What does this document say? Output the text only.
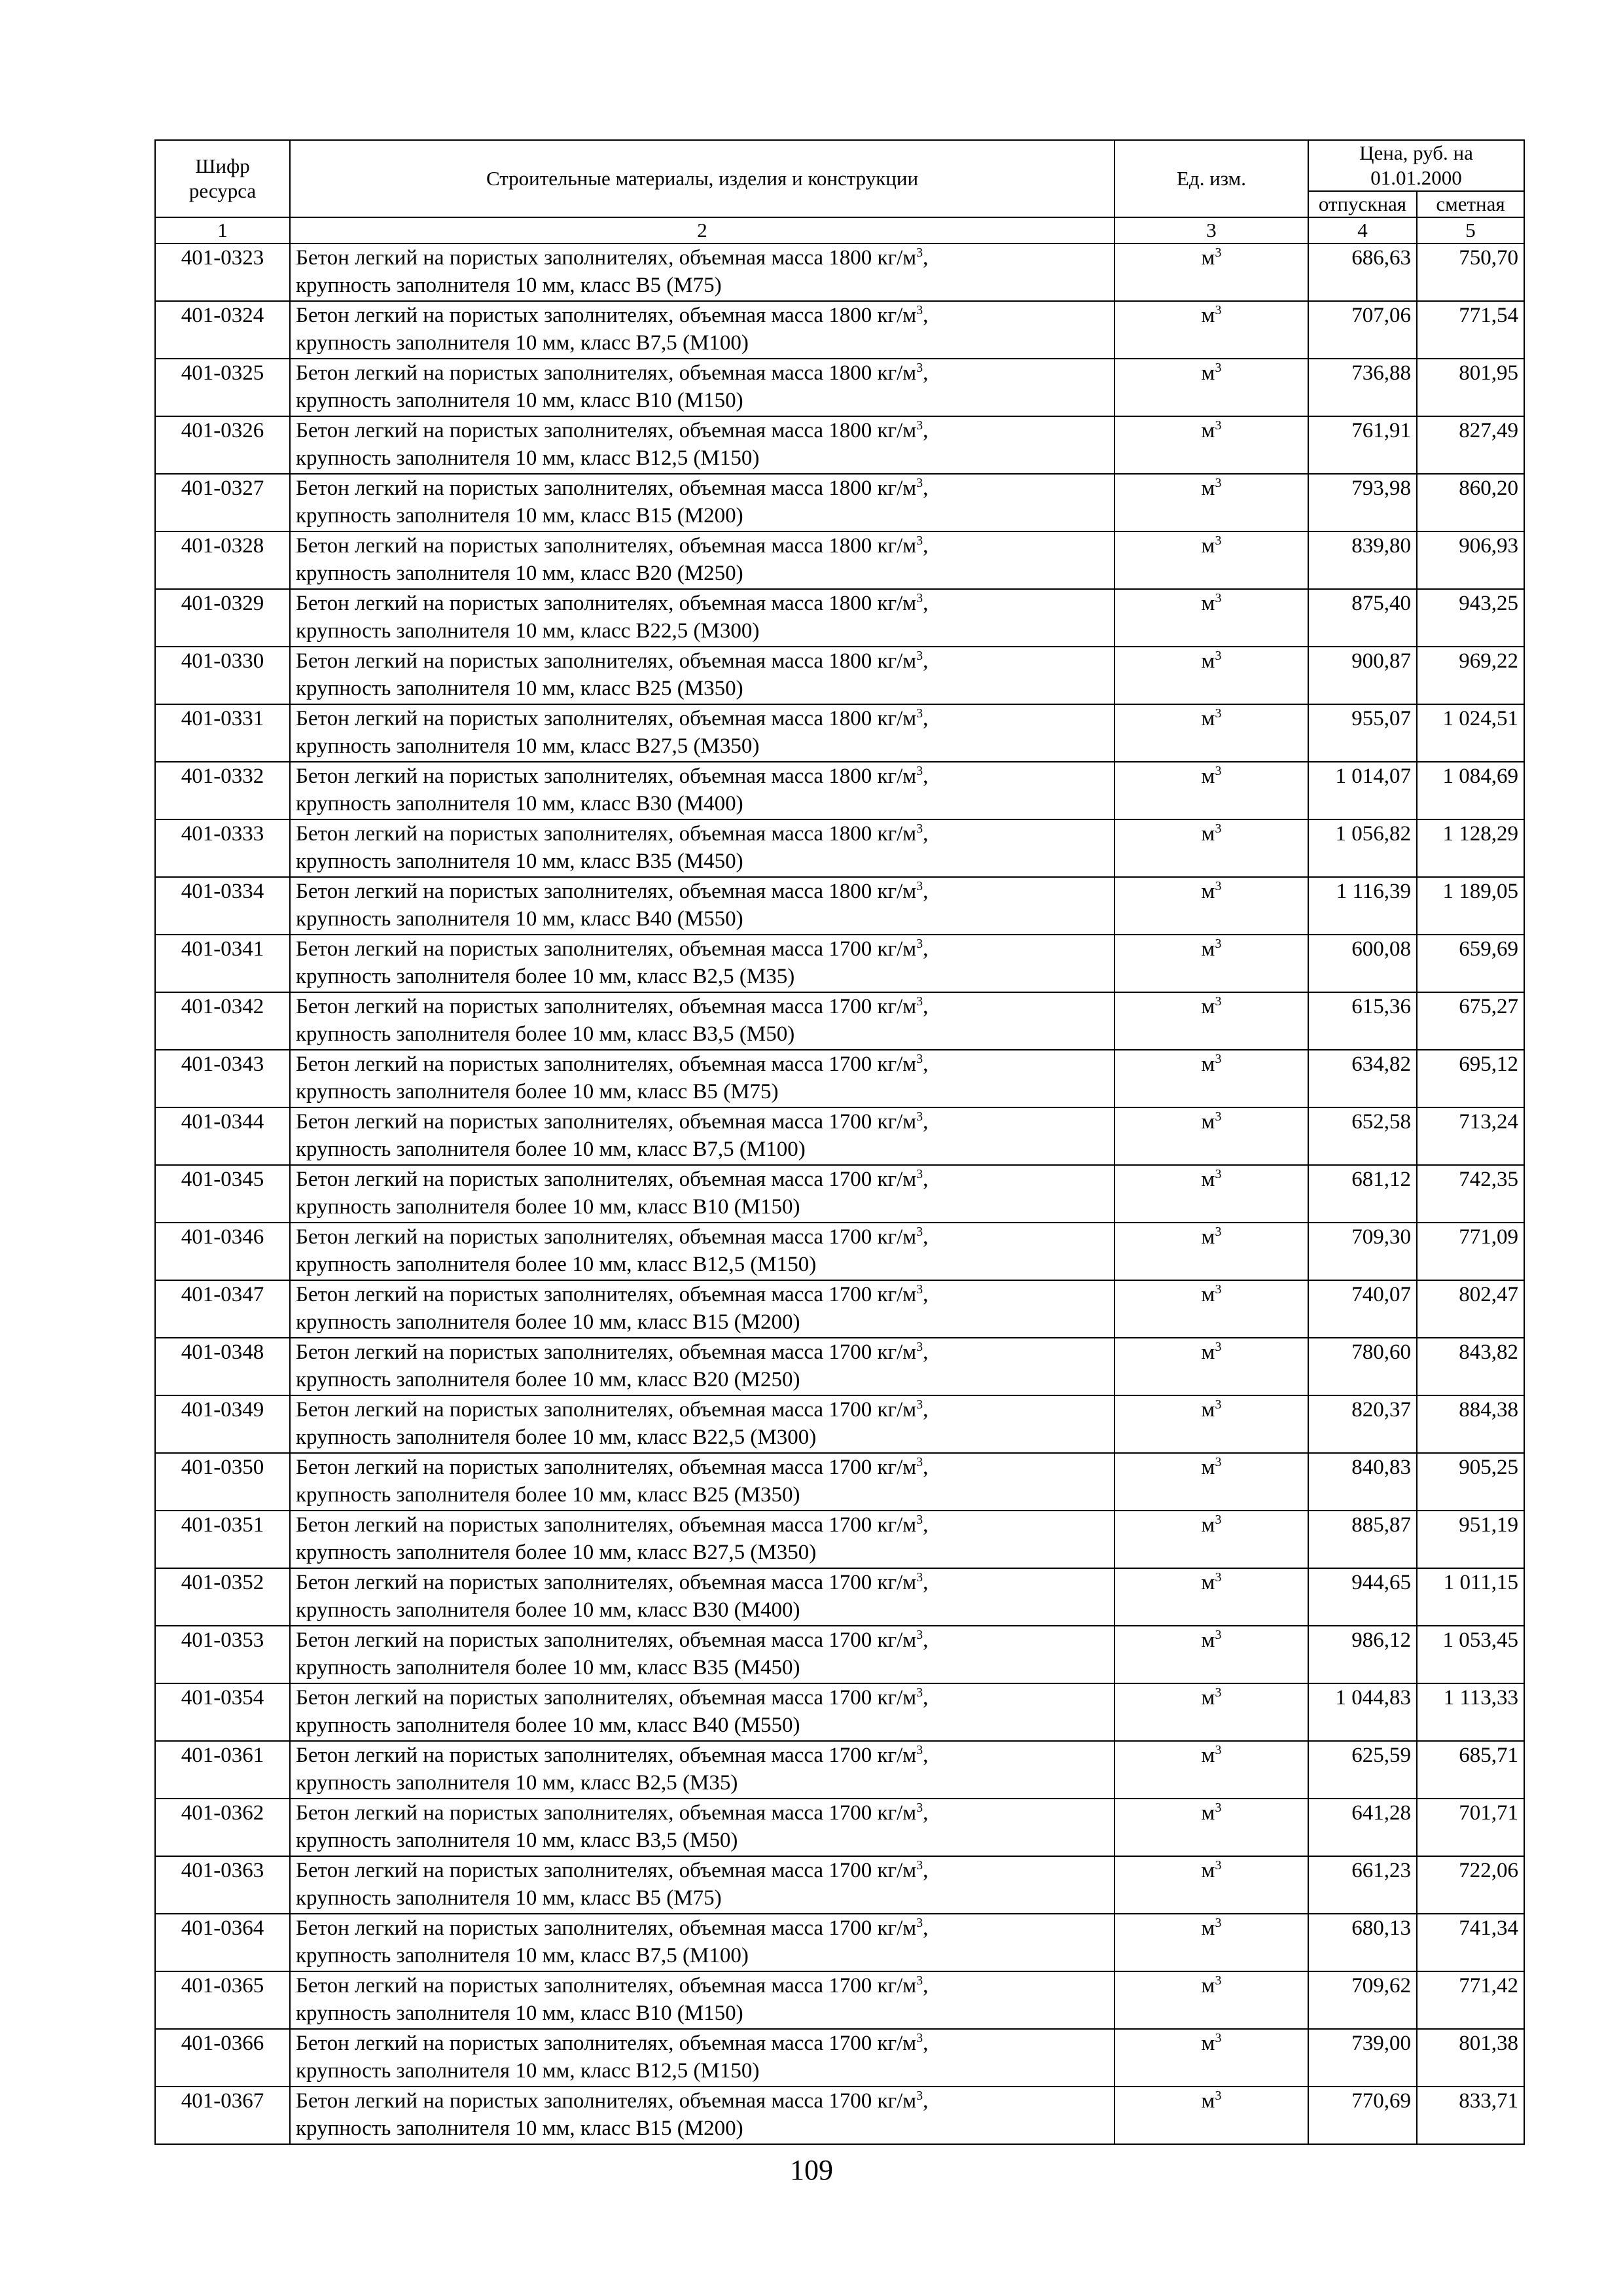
Шифр ресурса	Строительные материалы, изделия и конструкции	Ед. изм.	Цена, руб. на 01.01.2000	
			отпускная	сметная
1	2	3	4	5
401-0323	Бетон легкий на пористых заполнителях, объемная масса 1800 $кг/м^3$,
крупность заполнителя 10 мм, класс В5 (М75)	$м^3$	686,63	750,70
401-0324	Бетон легкий на пористых заполнителях, объемная масса 1800 $кг/м^3$,
крупность заполнителя 10 мм, класс В7,5 (М100)	$м^3$	707,06	771,54
401-0325	Бетон легкий на пористых заполнителях, объемная масса 1800 $кг/м^3$,
крупность заполнителя 10 мм, класс В10 (М150)	$м^3$	736,88	801,95
401-0326	Бетон легкий на пористых заполнителях, объемная масса 1800 $кг/м^3$,
крупность заполнителя 10 мм, класс В12,5 (М150)	$м^3$	761,91	827,49
401-0327	Бетон легкий на пористых заполнителях, объемная масса 1800 $кг/м^3$,
крупность заполнителя 10 мм, класс В15 (М200)	$м^3$	793,98	860,20
401-0328	Бетон легкий на пористых заполнителях, объемная масса 1800 $кг/м^3$,
крупность заполнителя 10 мм, класс В20 (М250)	$м^3$	839,80	906,93
401-0329	Бетон легкий на пористых заполнителях, объемная масса 1800 $кг/м^3$,
крупность заполнителя 10 мм, класс В22,5 (М300)	$м^3$	875,40	943,25
401-0330	Бетон легкий на пористых заполнителях, объемная масса 1800 $кг/м^3$,
крупность заполнителя 10 мм, класс В25 (М350)	$м^3$	900,87	969,22
401-0331	Бетон легкий на пористых заполнителях, объемная масса 1800 $кг/м^3$,
крупность заполнителя 10 мм, класс В27,5 (М350)	$м^3$	955,07	1 024,51
401-0332	Бетон легкий на пористых заполнителях, объемная масса 1800 $кг/м^3$,
крупность заполнителя 10 мм, класс В30 (М400)	$м^3$	1 014,07	1 084,69
401-0333	Бетон легкий на пористых заполнителях, объемная масса 1800 $кг/м^3$,
крупность заполнителя 10 мм, класс В35 (М450)	$м^3$	1 056,82	1 128,29
401-0334	Бетон легкий на пористых заполнителях, объемная масса 1800 $кг/м^3$,
крупность заполнителя 10 мм, класс В40 (М550)	$м^3$	1 116,39	1 189,05
401-0341	Бетон легкий на пористых заполнителях, объемная масса 1700 $кг/м^3$,
крупность заполнителя более 10 мм, класс В2,5 (М35)	$м^3$	600,08	659,69
401-0342	Бетон легкий на пористых заполнителях, объемная масса 1700 $кг/м^3$,
крупность заполнителя более 10 мм, класс В3,5 (М50)	$м^3$	615,36	675,27
401-0343	Бетон легкий на пористых заполнителях, объемная масса 1700 $кг/м^3$,
крупность заполнителя более 10 мм, класс В5 (М75)	$м^3$	634,82	695,12
401-0344	Бетон легкий на пористых заполнителях, объемная масса 1700 $кг/м^3$,
крупность заполнителя более 10 мм, класс В7,5 (М100)	$м^3$	652,58	713,24
401-0345	Бетон легкий на пористых заполнителях, объемная масса 1700 $кг/м^3$,
крупность заполнителя более 10 мм, класс В10 (М150)	$м^3$	681,12	742,35
401-0346	Бетон легкий на пористых заполнителях, объемная масса 1700 $кг/м^3$,
крупность заполнителя более 10 мм, класс В12,5 (М150)	$м^3$	709,30	771,09
401-0347	Бетон легкий на пористых заполнителях, объемная масса 1700 $кг/м^3$,
крупность заполнителя более 10 мм, класс В15 (М200)	$м^3$	740,07	802,47
401-0348	Бетон легкий на пористых заполнителях, объемная масса 1700 $кг/м^3$,
крупность заполнителя более 10 мм, класс В20 (М250)	$м^3$	780,60	843,82
401-0349	Бетон легкий на пористых заполнителях, объемная масса 1700 $кг/м^3$,
крупность заполнителя более 10 мм, класс В22,5 (М300)	$м^3$	820,37	884,38
401-0350	Бетон легкий на пористых заполнителях, объемная масса 1700 $кг/м^3$,
крупность заполнителя более 10 мм, класс В25 (М350)	$м^3$	840,83	905,25
401-0351	Бетон легкий на пористых заполнителях, объемная масса 1700 $кг/м^3$,
крупность заполнителя более 10 мм, класс В27,5 (М350)	$м^3$	885,87	951,19
401-0352	Бетон легкий на пористых заполнителях, объемная масса 1700 $кг/м^3$,
крупность заполнителя более 10 мм, класс В30 (М400)	$м^3$	944,65	1 011,15
401-0353	Бетон легкий на пористых заполнителях, объемная масса 1700 $кг/м^3$,
крупность заполнителя более 10 мм, класс В35 (М450)	$м^3$	986,12	1 053,45
401-0354	Бетон легкий на пористых заполнителях, объемная масса 1700 $кг/м^3$,
крупность заполнителя более 10 мм, класс В40 (М550)	$м^3$	1 044,83	1 113,33
401-0361	Бетон легкий на пористых заполнителях, объемная масса 1700 $кг/м^3$,
крупность заполнителя 10 мм, класс В2,5 (М35)	$м^3$	625,59	685,71
401-0362	Бетон легкий на пористых заполнителях, объемная масса 1700 $кг/м^3$,
крупность заполнителя 10 мм, класс В3,5 (М50)	$м^3$	641,28	701,71
401-0363	Бетон легкий на пористых заполнителях, объемная масса 1700 $кг/м^3$,
крупность заполнителя 10 мм, класс В5 (М75)	$м^3$	661,23	722,06
401-0364	Бетон легкий на пористых заполнителях, объемная масса 1700 $кг/м^3$,
крупность заполнителя 10 мм, класс В7,5 (М100)	$м^3$	680,13	741,34
401-0365	Бетон легкий на пористых заполнителях, объемная масса 1700 $кг/м^3$,
крупность заполнителя 10 мм, класс В10 (М150)	$м^3$	709,62	771,42
401-0366	Бетон легкий на пористых заполнителях, объемная масса 1700 $кг/м^3$,
крупность заполнителя 10 мм, класс В12,5 (М150)	$м^3$	739,00	801,38
401-0367	Бетон легкий на пористых заполнителях, объемная масса 1700 $кг/м^3$,
крупность заполнителя 10 мм, класс В15 (М200)	$м^3$	770,69	833,71
109
